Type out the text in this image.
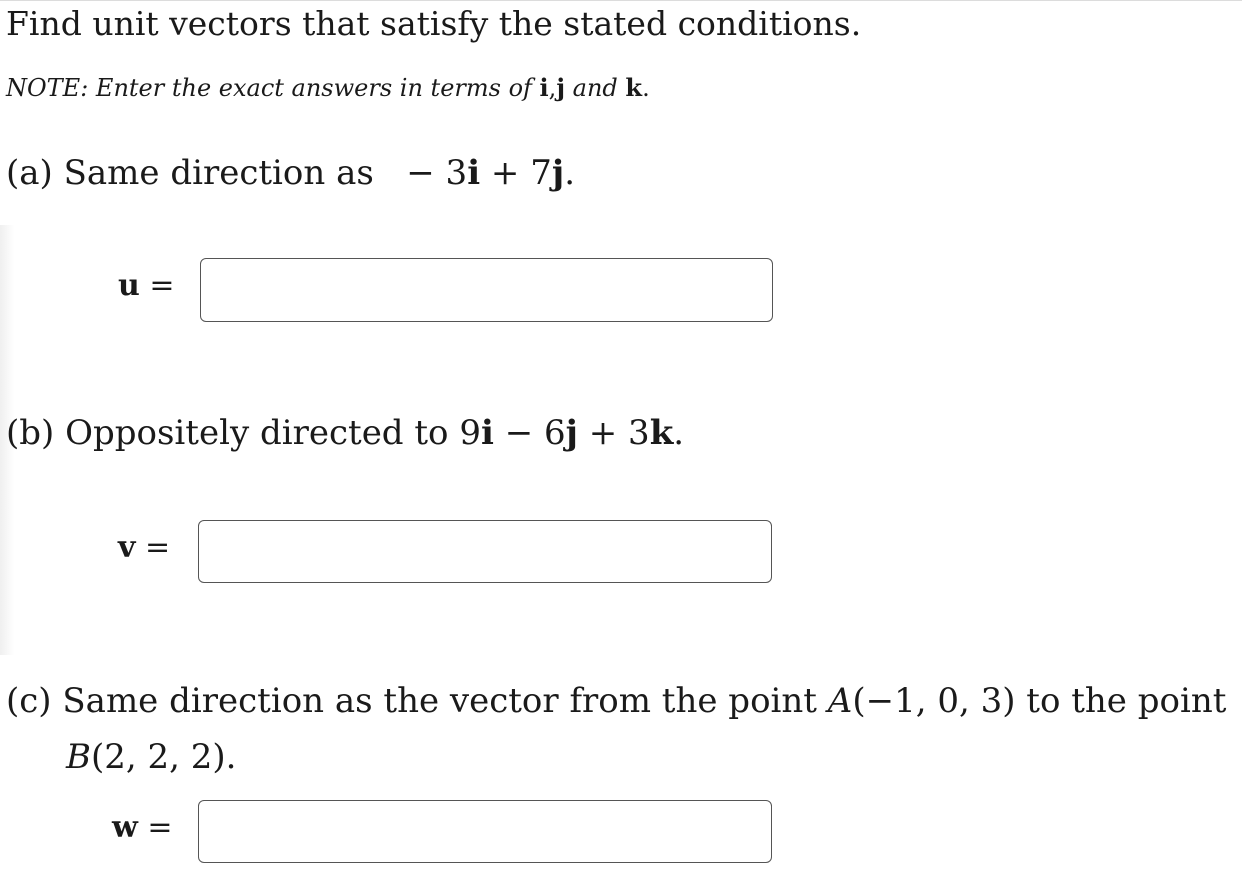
Find unit vectors that satisfy the stated conditions.
NOTE: Enter the exact answers in terms of i,j and k.
(a) Same direction as − 3i + 7j.
u =
(b) Oppositely directed to 9i − 6j + 3k.
v =
(c) Same direction as the vector from the point A(−1, 0, 3) to the point
B(2, 2, 2).
w =
